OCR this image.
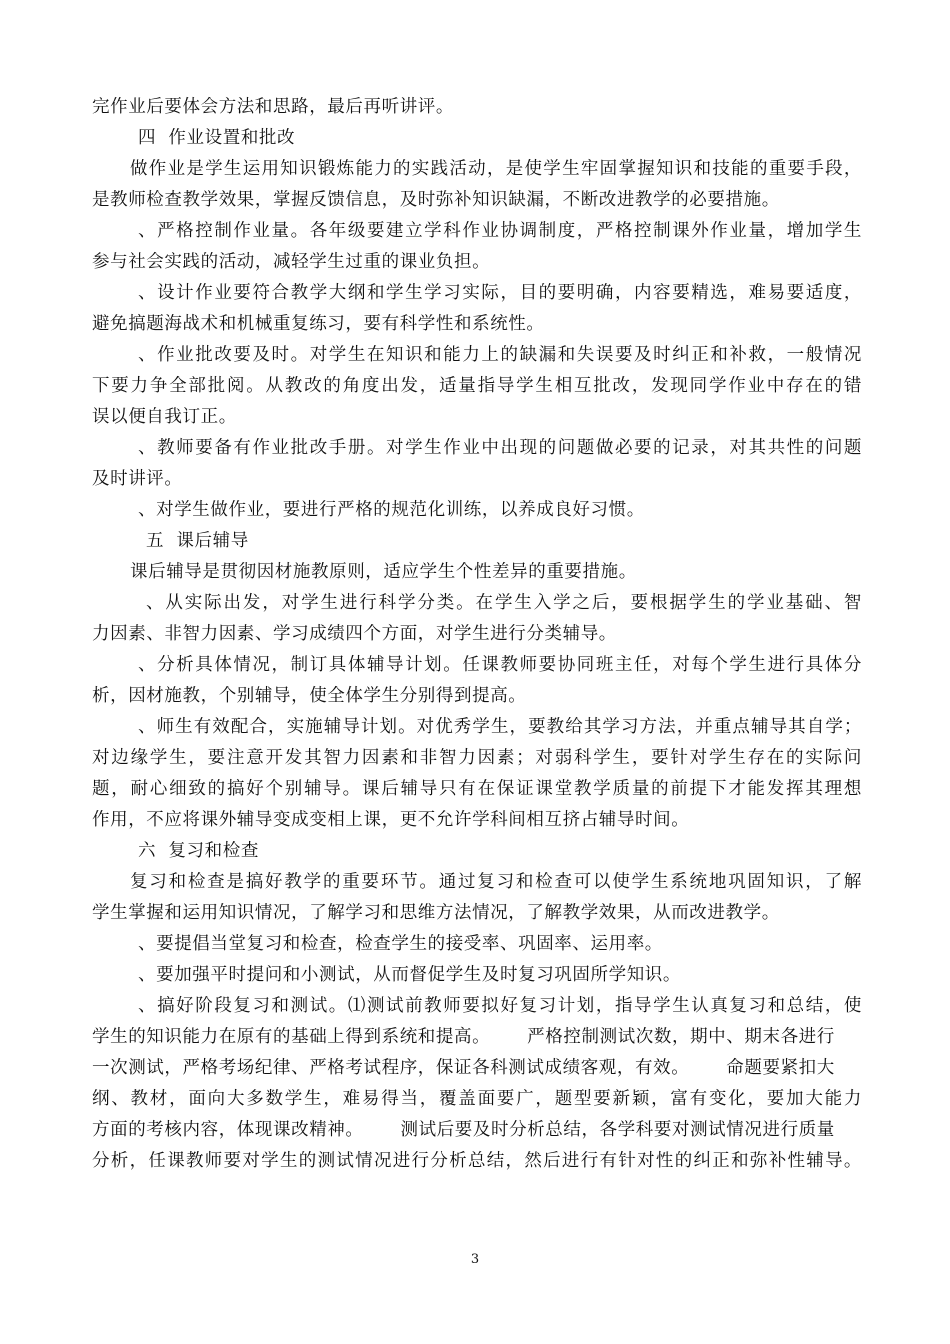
完作业后要体会方法和思路，最后再听讲评。

四  作业设置和批改

做作业是学生运用知识锻炼能力的实践活动，是使学生牢固掌握知识和技能的重要手段，

是教师检查教学效果，掌握反馈信息，及时弥补知识缺漏，不断改进教学的必要措施。

、严格控制作业量。各年级要建立学科作业协调制度，严格控制课外作业量，增加学生

参与社会实践的活动，减轻学生过重的课业负担。

、设计作业要符合教学大纲和学生学习实际，目的要明确，内容要精选，难易要适度，

避免搞题海战术和机械重复练习，要有科学性和系统性。

、作业批改要及时。对学生在知识和能力上的缺漏和失误要及时纠正和补救，一般情况

下要力争全部批阅。从教改的角度出发，适量指导学生相互批改，发现同学作业中存在的错

误以便自我订正。

、教师要备有作业批改手册。对学生作业中出现的问题做必要的记录，对其共性的问题

及时讲评。

、对学生做作业，要进行严格的规范化训练，以养成良好习惯。

五  课后辅导

课后辅导是贯彻因材施教原则，适应学生个性差异的重要措施。

、从实际出发，对学生进行科学分类。在学生入学之后，要根据学生的学业基础、智

力因素、非智力因素、学习成绩四个方面，对学生进行分类辅导。

、分析具体情况，制订具体辅导计划。任课教师要协同班主任，对每个学生进行具体分

析，因材施教，个别辅导，使全体学生分别得到提高。

、师生有效配合，实施辅导计划。对优秀学生，要教给其学习方法，并重点辅导其自学；

对边缘学生，要注意开发其智力因素和非智力因素；对弱科学生，要针对学生存在的实际问

题，耐心细致的搞好个别辅导。课后辅导只有在保证课堂教学质量的前提下才能发挥其理想

作用，不应将课外辅导变成变相上课，更不允许学科间相互挤占辅导时间。

六  复习和检查

复习和检查是搞好教学的重要环节。通过复习和检查可以使学生系统地巩固知识，了解

学生掌握和运用知识情况，了解学习和思维方法情况，了解教学效果，从而改进教学。

、要提倡当堂复习和检查，检查学生的接受率、巩固率、运用率。

、要加强平时提问和小测试，从而督促学生及时复习巩固所学知识。

、搞好阶段复习和测试。⑴测试前教师要拟好复习计划，指导学生认真复习和总结，使

学生的知识能力在原有的基础上得到系统和提高。      严格控制测试次数，期中、期末各进行

一次测试，严格考场纪律、严格考试程序，保证各科测试成绩客观，有效。      命题要紧扣大

纲、教材，面向大多数学生，难易得当，覆盖面要广，题型要新颖，富有变化，要加大能力

方面的考核内容，体现课改精神。      测试后要及时分析总结，各学科要对测试情况进行质量

分析，任课教师要对学生的测试情况进行分析总结，然后进行有针对性的纠正和弥补性辅导。

3
